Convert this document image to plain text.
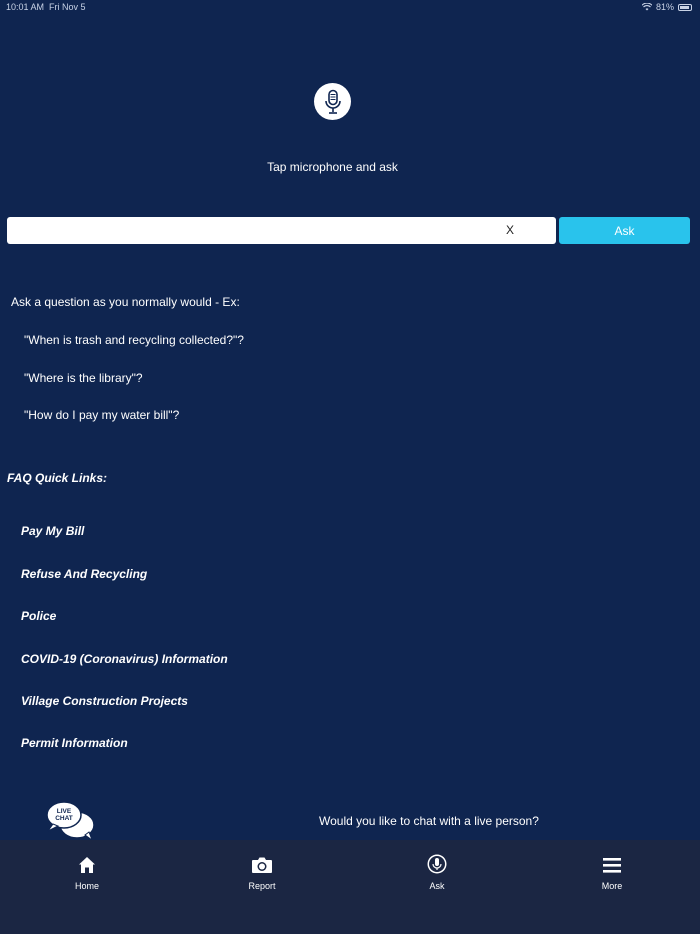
10:01 AM Fri Nov 5	81%
Tap microphone and ask
X	Ask
Ask a question as you normally would - Ex:
"When is trash and recycling collected?"?
"Where is the library"?
"How do I pay my water bill"?
FAQ Quick Links:
Pay My Bill
Refuse And Recycling
Police
COVID-19 (Coronavirus) Information
Village Construction Projects
Permit Information
LIVE
CHAT	Would you like to chat with a live person?
Home	Report	Ask	More
